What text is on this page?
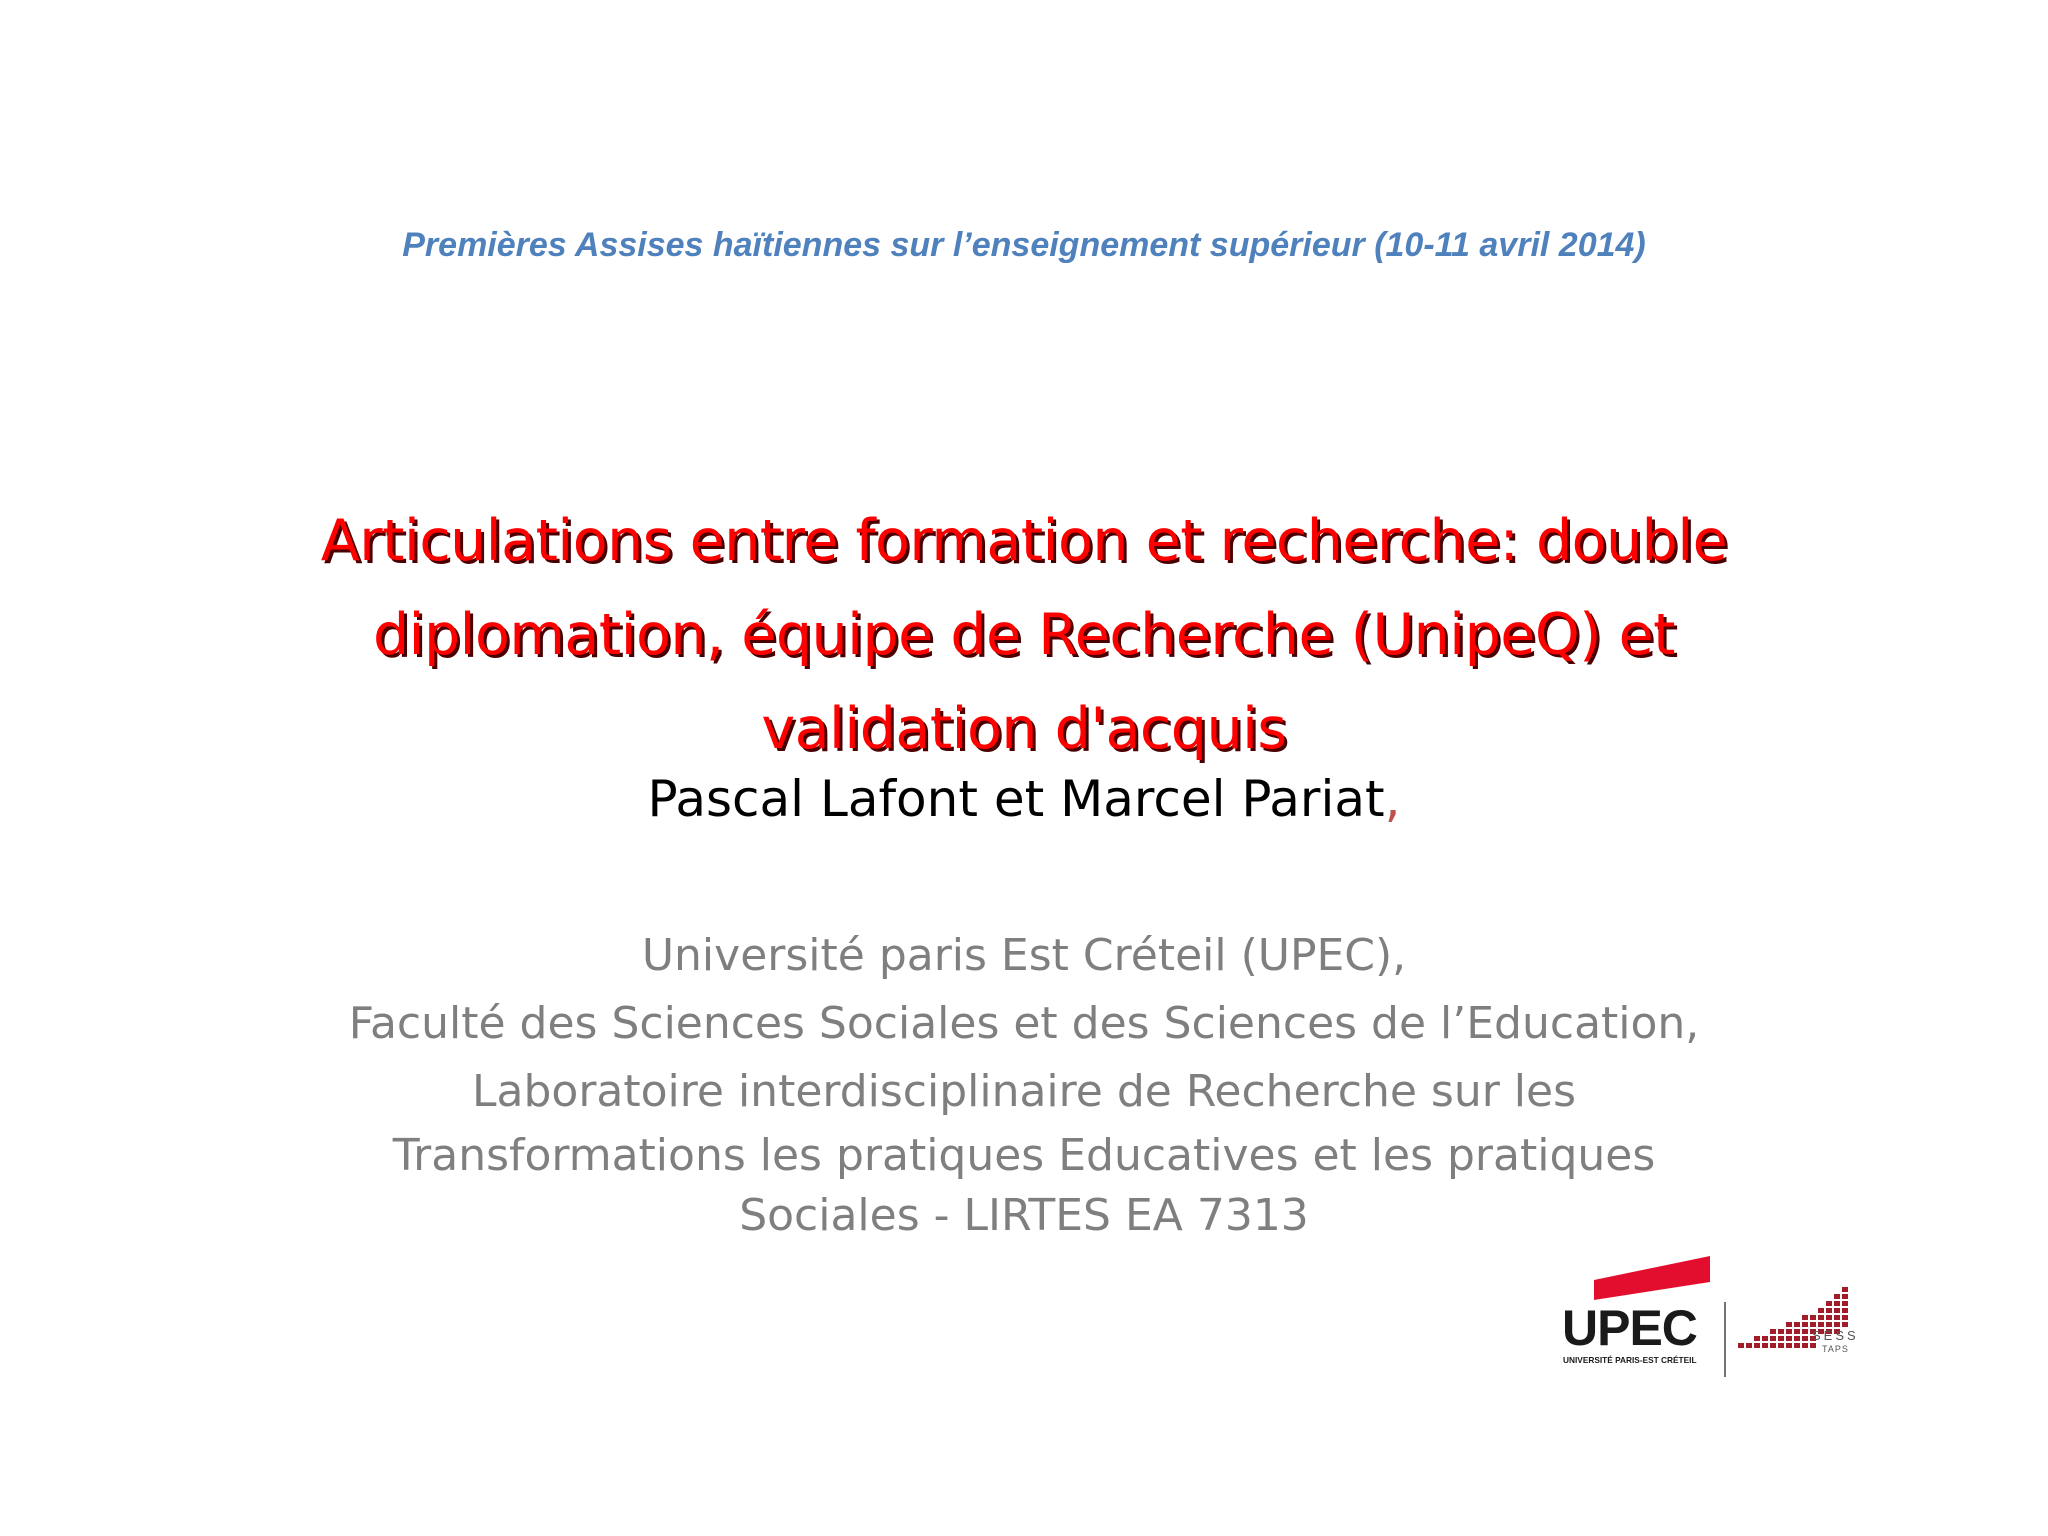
Premières Assises haïtiennes sur l’enseignement supérieur (10-11 avril 2014)
Articulations entre formation et recherche: double
diplomation, équipe de Recherche (UnipeQ) et
validation d'acquis
Pascal Lafont et Marcel Pariat,
Université paris Est Créteil (UPEC),
Faculté des Sciences Sociales et des Sciences de l’Education,
Laboratoire interdisciplinaire de Recherche sur les
Transformations les pratiques Educatives et les pratiques
Sociales - LIRTES EA 7313
UPEC
UNIVERSITÉ PARIS-EST CRÉTEIL
SESS
TAPS
